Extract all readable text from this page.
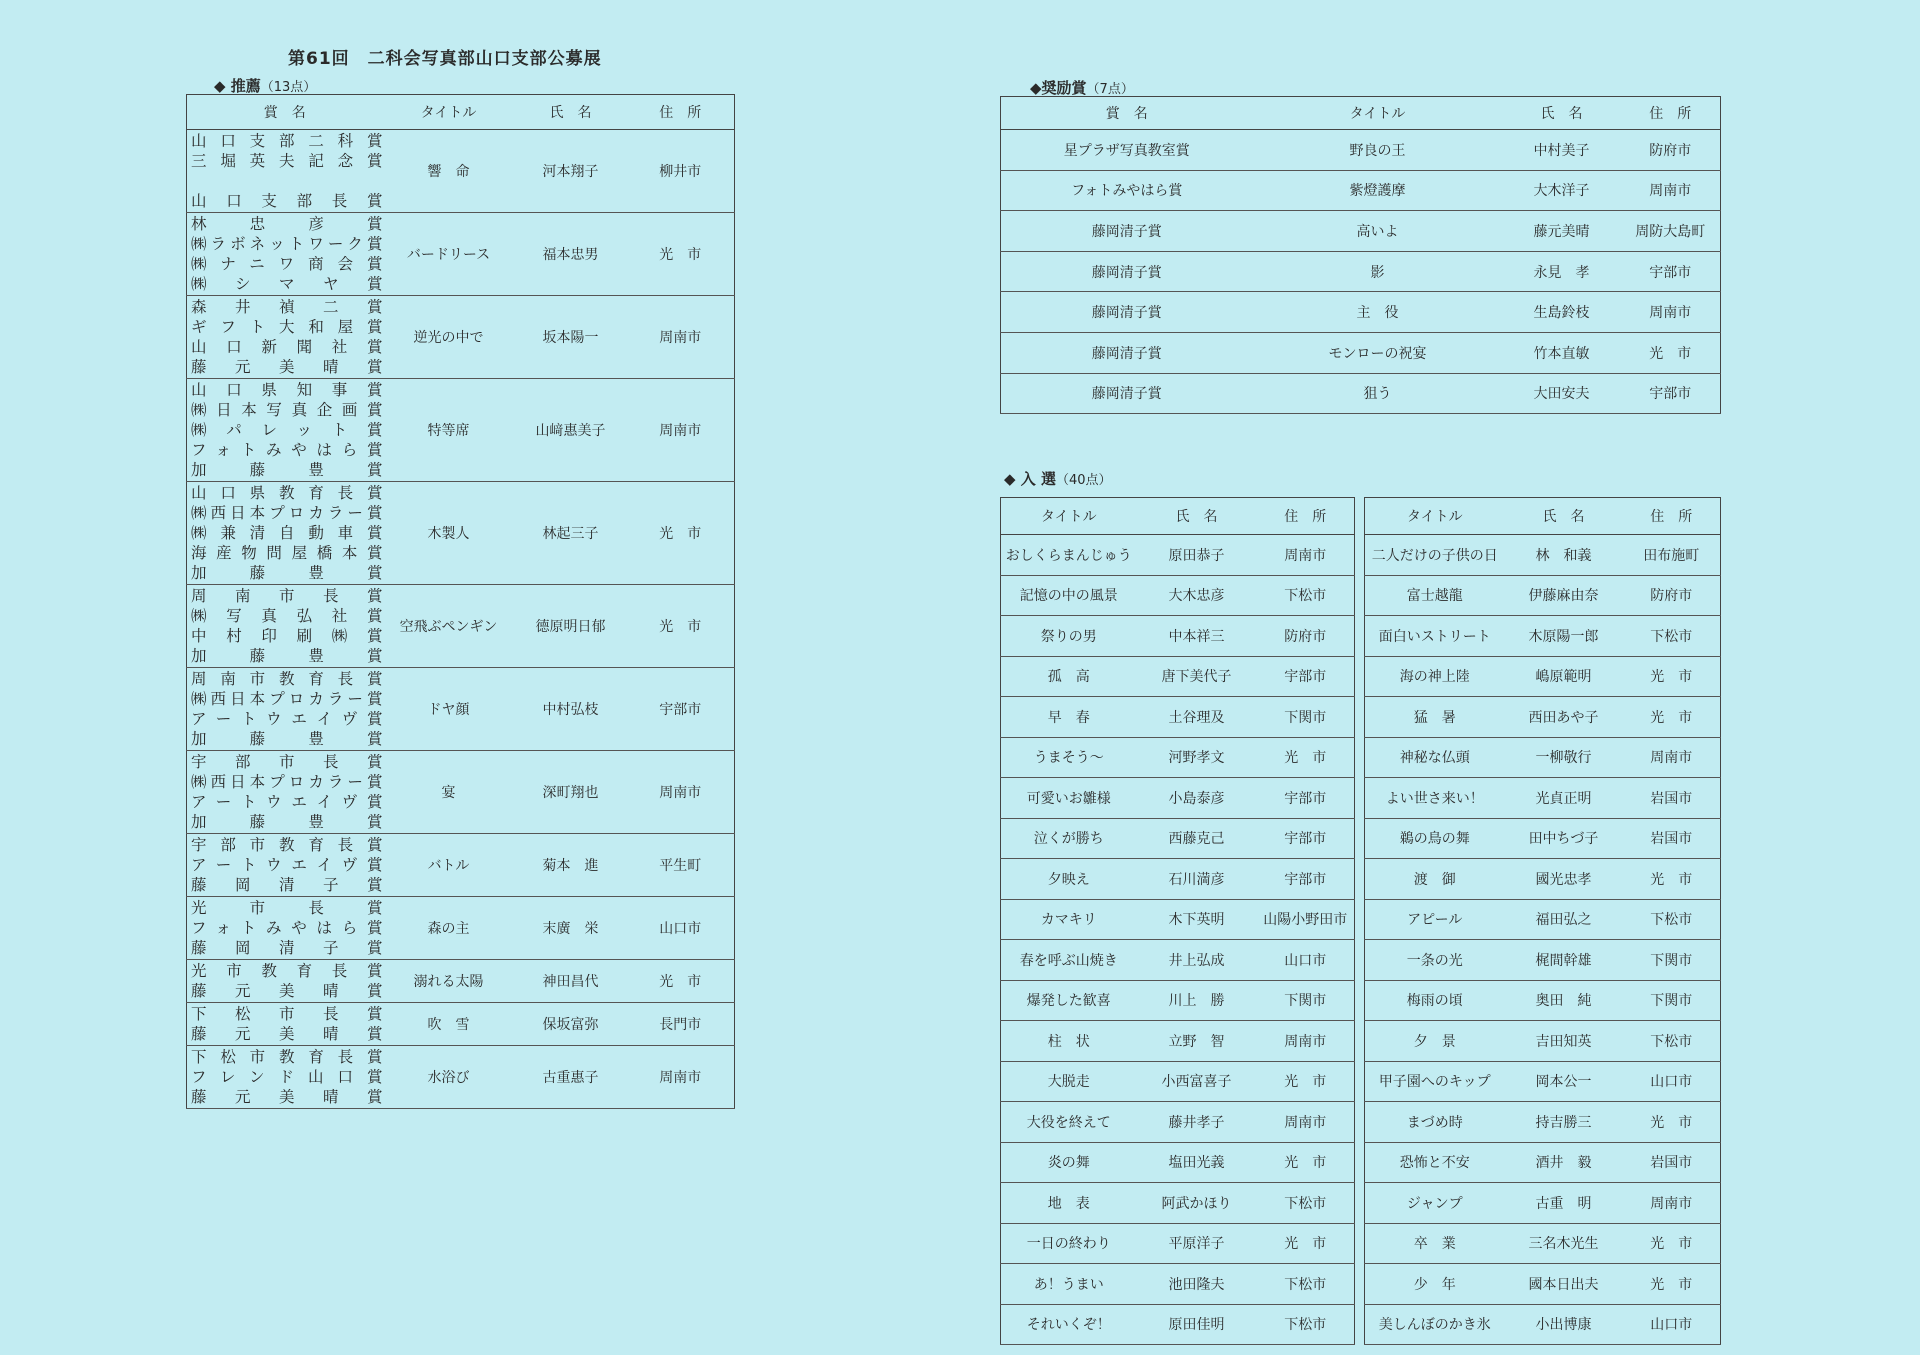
第61回　二科会写真部山口支部公募展
◆ 推薦（13点）
賞　名	タイトル	氏　名	住　所

山口支部二科賞
三堀英夫記念賞

山口支部長賞	響　命	河本翔子	柳井市

林忠彦賞
㈱ラボネットワーク賞
㈱ナニワ商会賞
㈱シマヤ賞	バードリース	福本忠男	光　市

森井禎二賞
ギフト大和屋賞
山口新聞社賞
藤元美晴賞	逆光の中で	坂本陽一	周南市

山口県知事賞
㈱日本写真企画賞
㈱パレット賞
フォトみやはら賞
加藤豊賞	特等席	山﨑惠美子	周南市

山口県教育長賞
㈱西日本プロカラー賞
㈱兼清自動車賞
海産物問屋橋本賞
加藤豊賞	木製人	林起三子	光　市

周南市長賞
㈱写真弘社賞
中村印刷㈱賞
加藤豊賞	空飛ぶペンギン	德原明日郁	光　市

周南市教育長賞
㈱西日本プロカラー賞
アートウエイヴ賞
加藤豊賞	ドヤ顔	中村弘枝	宇部市

宇部市長賞
㈱西日本プロカラー賞
アートウエイヴ賞
加藤豊賞	宴	深町翔也	周南市

宇部市教育長賞
アートウエイヴ賞
藤岡清子賞	バトル	菊本　進	平生町

光市長賞
フォトみやはら賞
藤岡清子賞	森の主	末廣　栄	山口市

光市教育長賞
藤元美晴賞	溺れる太陽	神田昌代	光　市

下松市長賞
藤元美晴賞	吹　雪	保坂富弥	長門市

下松市教育長賞
フレンド山口賞
藤元美晴賞	水浴び	古重惠子	周南市
◆奨励賞（7点）
賞　名	タイトル	氏　名	住　所
星プラザ写真教室賞	野良の王	中村美子	防府市
フォトみやはら賞	紫燈護摩	大木洋子	周南市
藤岡清子賞	高いよ	藤元美晴	周防大島町
藤岡清子賞	影	永見　孝	宇部市
藤岡清子賞	主　役	生島鈴枝	周南市
藤岡清子賞	モンローの祝宴	竹本直敏	光　市
藤岡清子賞	狙う	大田安夫	宇部市
◆ 入 選（40点）
タイトル	氏　名	住　所
おしくらまんじゅう	原田恭子	周南市
記憶の中の風景	大木忠彦	下松市
祭りの男	中本祥三	防府市
孤　高	唐下美代子	宇部市
早　春	土谷理及	下関市
うまそう〜	河野孝文	光　市
可愛いお雛様	小島泰彦	宇部市
泣くが勝ち	西藤克己	宇部市
夕映え	石川満彦	宇部市
カマキリ	木下英明	山陽小野田市
春を呼ぶ山焼き	井上弘成	山口市
爆発した歓喜	川上　勝	下関市
柱　状	立野　智	周南市
大脱走	小西富喜子	光　市
大役を終えて	藤井孝子	周南市
炎の舞	塩田光義	光　市
地　表	阿武かほり	下松市
一日の終わり	平原洋子	光　市
あ！うまい	池田隆夫	下松市
それいくぞ！	原田佳明	下松市
タイトル	氏　名	住　所
二人だけの子供の日	林　和義	田布施町
富士越龍	伊藤麻由奈	防府市
面白いストリート	木原陽一郎	下松市
海の神上陸	嶋原範明	光　市
猛　暑	西田あや子	光　市
神秘な仏頭	一柳敬行	周南市
よい世さ来い！	光貞正明	岩国市
鵜の鳥の舞	田中ちづ子	岩国市
渡　御	國光忠孝	光　市
アピール	福田弘之	下松市
一条の光	梶間幹雄	下関市
梅雨の頃	奥田　純	下関市
夕　景	吉田知英	下松市
甲子園へのキップ	岡本公一	山口市
まづめ時	持吉勝三	光　市
恐怖と不安	酒井　毅	岩国市
ジャンプ	古重　明	周南市
卒　業	三名木光生	光　市
少　年	國本日出夫	光　市
美しんぼのかき氷	小出博康	山口市
